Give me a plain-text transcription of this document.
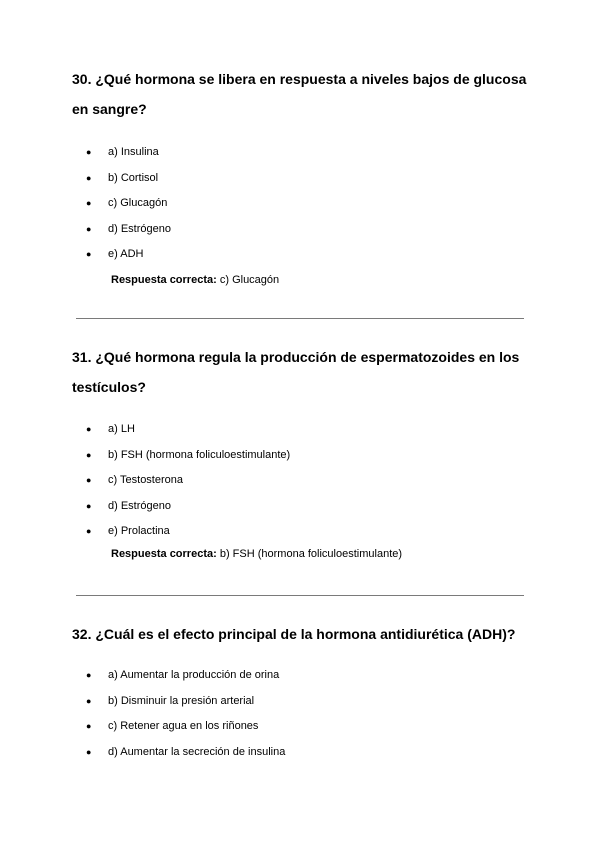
30. ¿Qué hormona se libera en respuesta a niveles bajos de glucosa en sangre?

● a) Insulina
● b) Cortisol
● c) Glucagón
● d) Estrógeno
● e) ADH

Respuesta correcta: c) Glucagón

31. ¿Qué hormona regula la producción de espermatozoides en los testículos?

● a) LH
● b) FSH (hormona foliculoestimulante)
● c) Testosterona
● d) Estrógeno
● e) Prolactina

Respuesta correcta: b) FSH (hormona foliculoestimulante)

32. ¿Cuál es el efecto principal de la hormona antidiurética (ADH)?

● a) Aumentar la producción de orina
● b) Disminuir la presión arterial
● c) Retener agua en los riñones
● d) Aumentar la secreción de insulina
